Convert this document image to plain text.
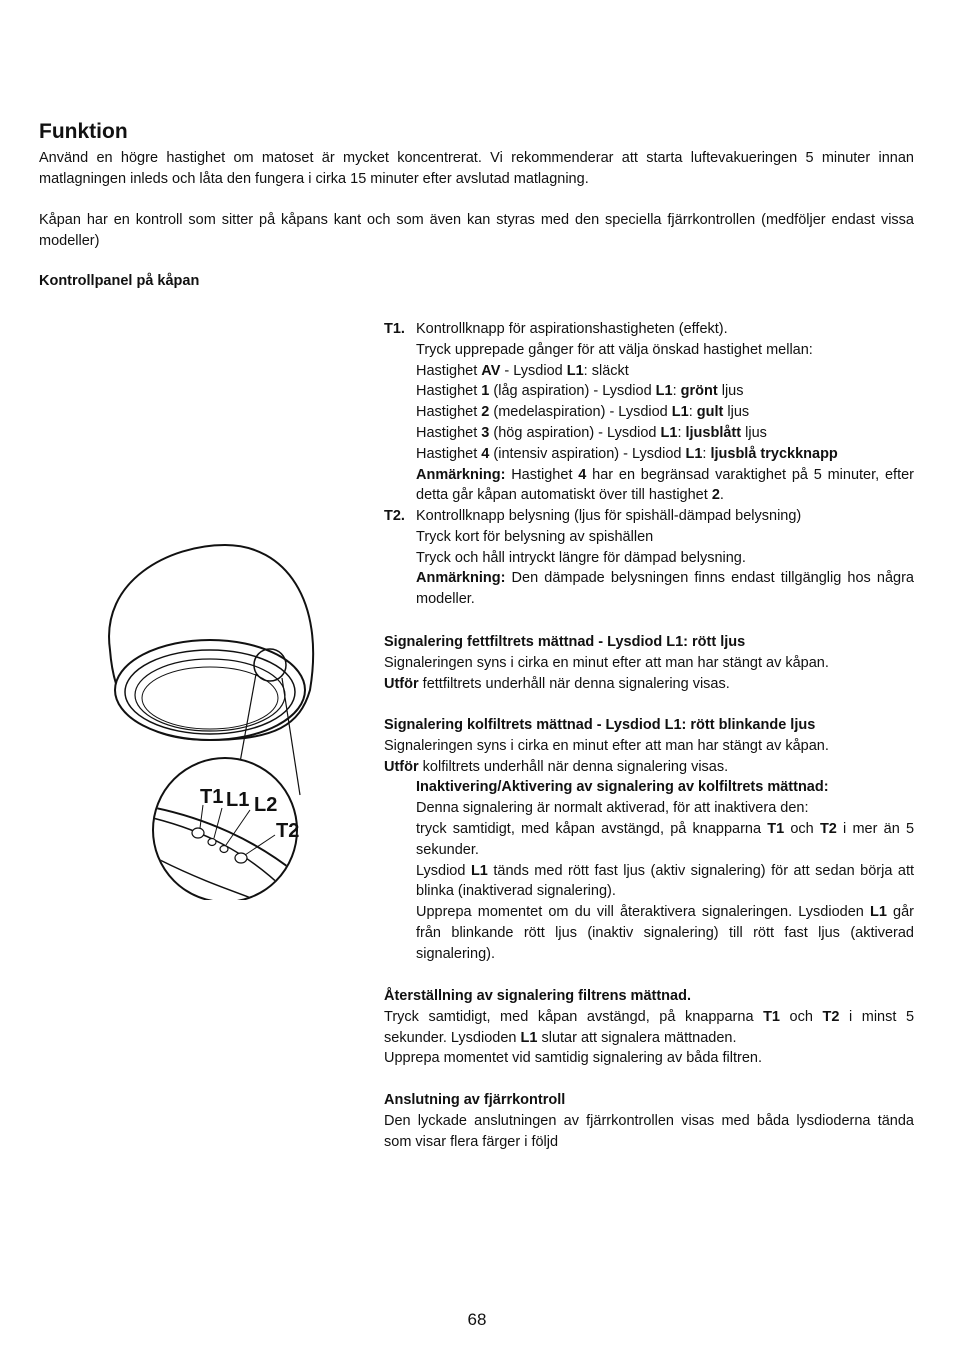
Funktion

Använd en högre hastighet om matoset är mycket koncentrerat. Vi rekommenderar att starta luftevakueringen 5 minuter innan matlagningen inleds och låta den fungera i cirka 15 minuter efter avslutad matlagning.

Kåpan har en kontroll som sitter på kåpans kant och som även kan styras med den speciella fjärrkontrollen (medföljer endast vissa modeller)

Kontrollpanel på kåpan

T1 L1 L2
T2
T1. Kontrollknapp för aspirationshastigheten (effekt).
Tryck upprepade gånger för att välja önskad hastighet mellan:
Hastighet AV - Lysdiod L1: släckt
Hastighet 1 (låg aspiration) - Lysdiod L1: grönt ljus
Hastighet 2 (medelaspiration) - Lysdiod L1: gult ljus
Hastighet 3 (hög aspiration) - Lysdiod L1: ljusblått ljus
Hastighet 4 (intensiv aspiration) - Lysdiod L1: ljusblå tryckknapp
Anmärkning: Hastighet 4 har en begränsad varaktighet på 5 minuter, efter detta går kåpan automatiskt över till hastighet 2.
T2. Kontrollknapp belysning (ljus för spishäll-dämpad belysning)
Tryck kort för belysning av spishällen
Tryck och håll intryckt längre för dämpad belysning.
Anmärkning: Den dämpade belysningen finns endast tillgänglig hos några modeller.
Signalering fettfiltrets mättnad - Lysdiod L1: rött ljus
Signaleringen syns i cirka en minut efter att man har stängt av kåpan.
Utför fettfiltrets underhåll när denna signalering visas.
Signalering kolfiltrets mättnad - Lysdiod L1: rött blinkande ljus
Signaleringen syns i cirka en minut efter att man har stängt av kåpan.
Utför kolfiltrets underhåll när denna signalering visas.
Inaktivering/Aktivering av signalering av kolfiltrets mättnad:
Denna signalering är normalt aktiverad, för att inaktivera den:
tryck samtidigt, med kåpan avstängd, på knapparna T1 och T2 i mer än 5 sekunder.
Lysdiod L1 tänds med rött fast ljus (aktiv signalering) för att sedan börja att blinka (inaktiverad signalering).
Upprepa momentet om du vill återaktivera signaleringen. Lysdioden L1 går från blinkande rött ljus (inaktiv signalering) till rött fast ljus (aktiverad signalering).
Återställning av signalering filtrens mättnad.
Tryck samtidigt, med kåpan avstängd, på knapparna T1 och T2 i minst 5 sekunder. Lysdioden L1 slutar att signalera mättnaden.
Upprepa momentet vid samtidig signalering av båda filtren.
Anslutning av fjärrkontroll
Den lyckade anslutningen av fjärrkontrollen visas med båda lysdioderna tända som visar flera färger i följd
68
